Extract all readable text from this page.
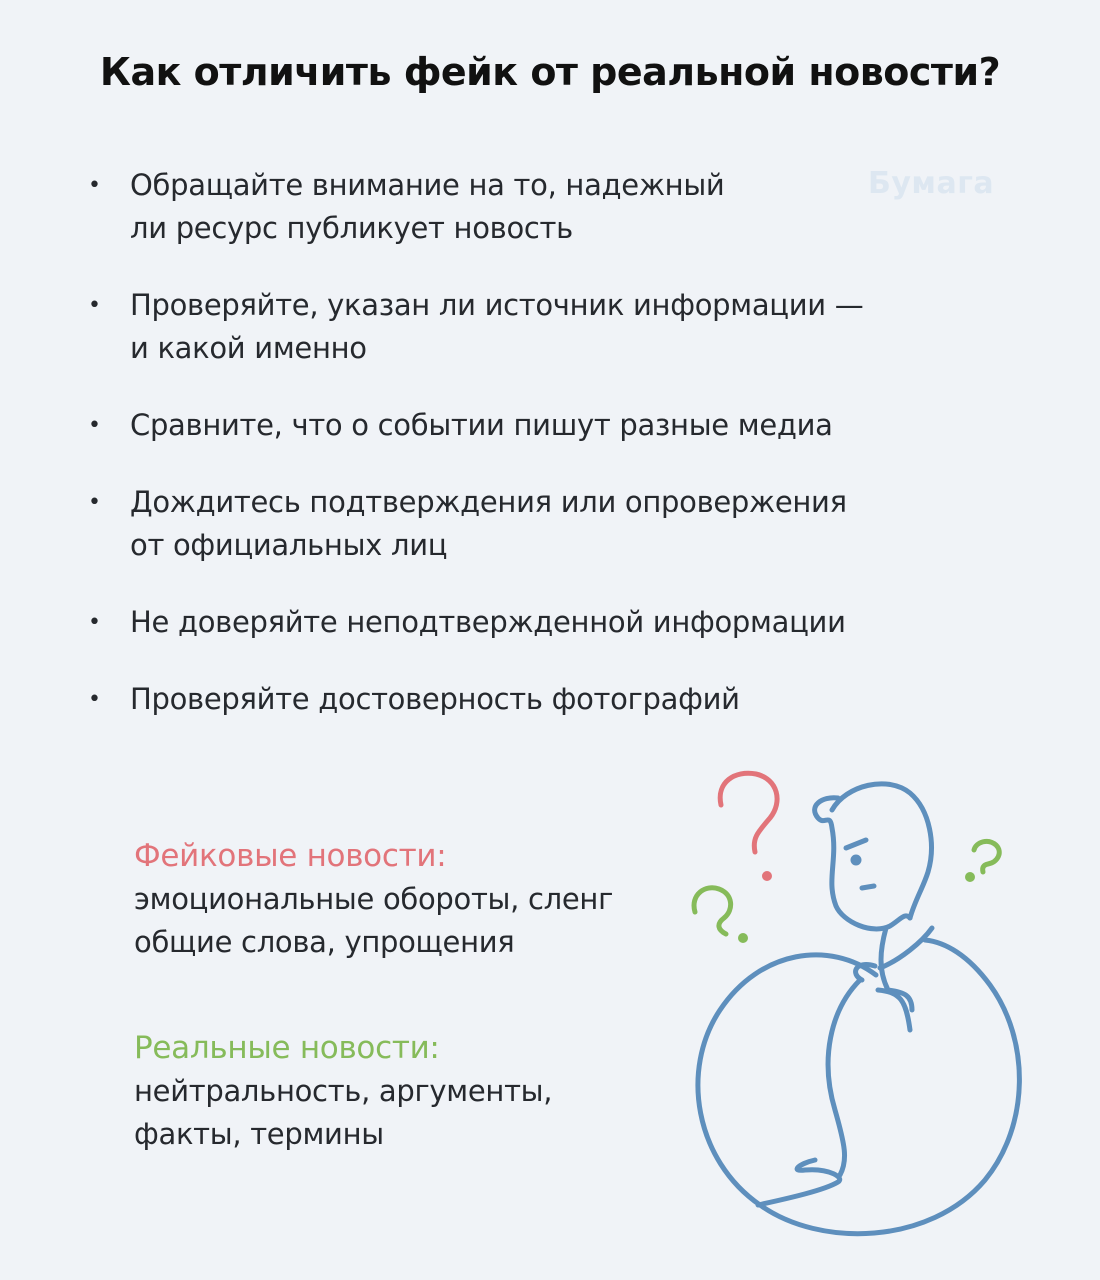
Как отличить фейк от реальной новости?
Бумага
• Обращайте внимание на то, надежный
ли ресурс публикует новость
• Проверяйте, указан ли источник информации —
и какой именно
• Сравните, что о событии пишут разные медиа
• Дождитесь подтверждения или опровержения
от официальных лиц
• Не доверяйте неподтвержденной информации
• Проверяйте достоверность фотографий
Фейковые новости:
эмоциональные обороты, сленг
общие слова, упрощения
Реальные новости:
нейтральность, аргументы,
факты, термины
